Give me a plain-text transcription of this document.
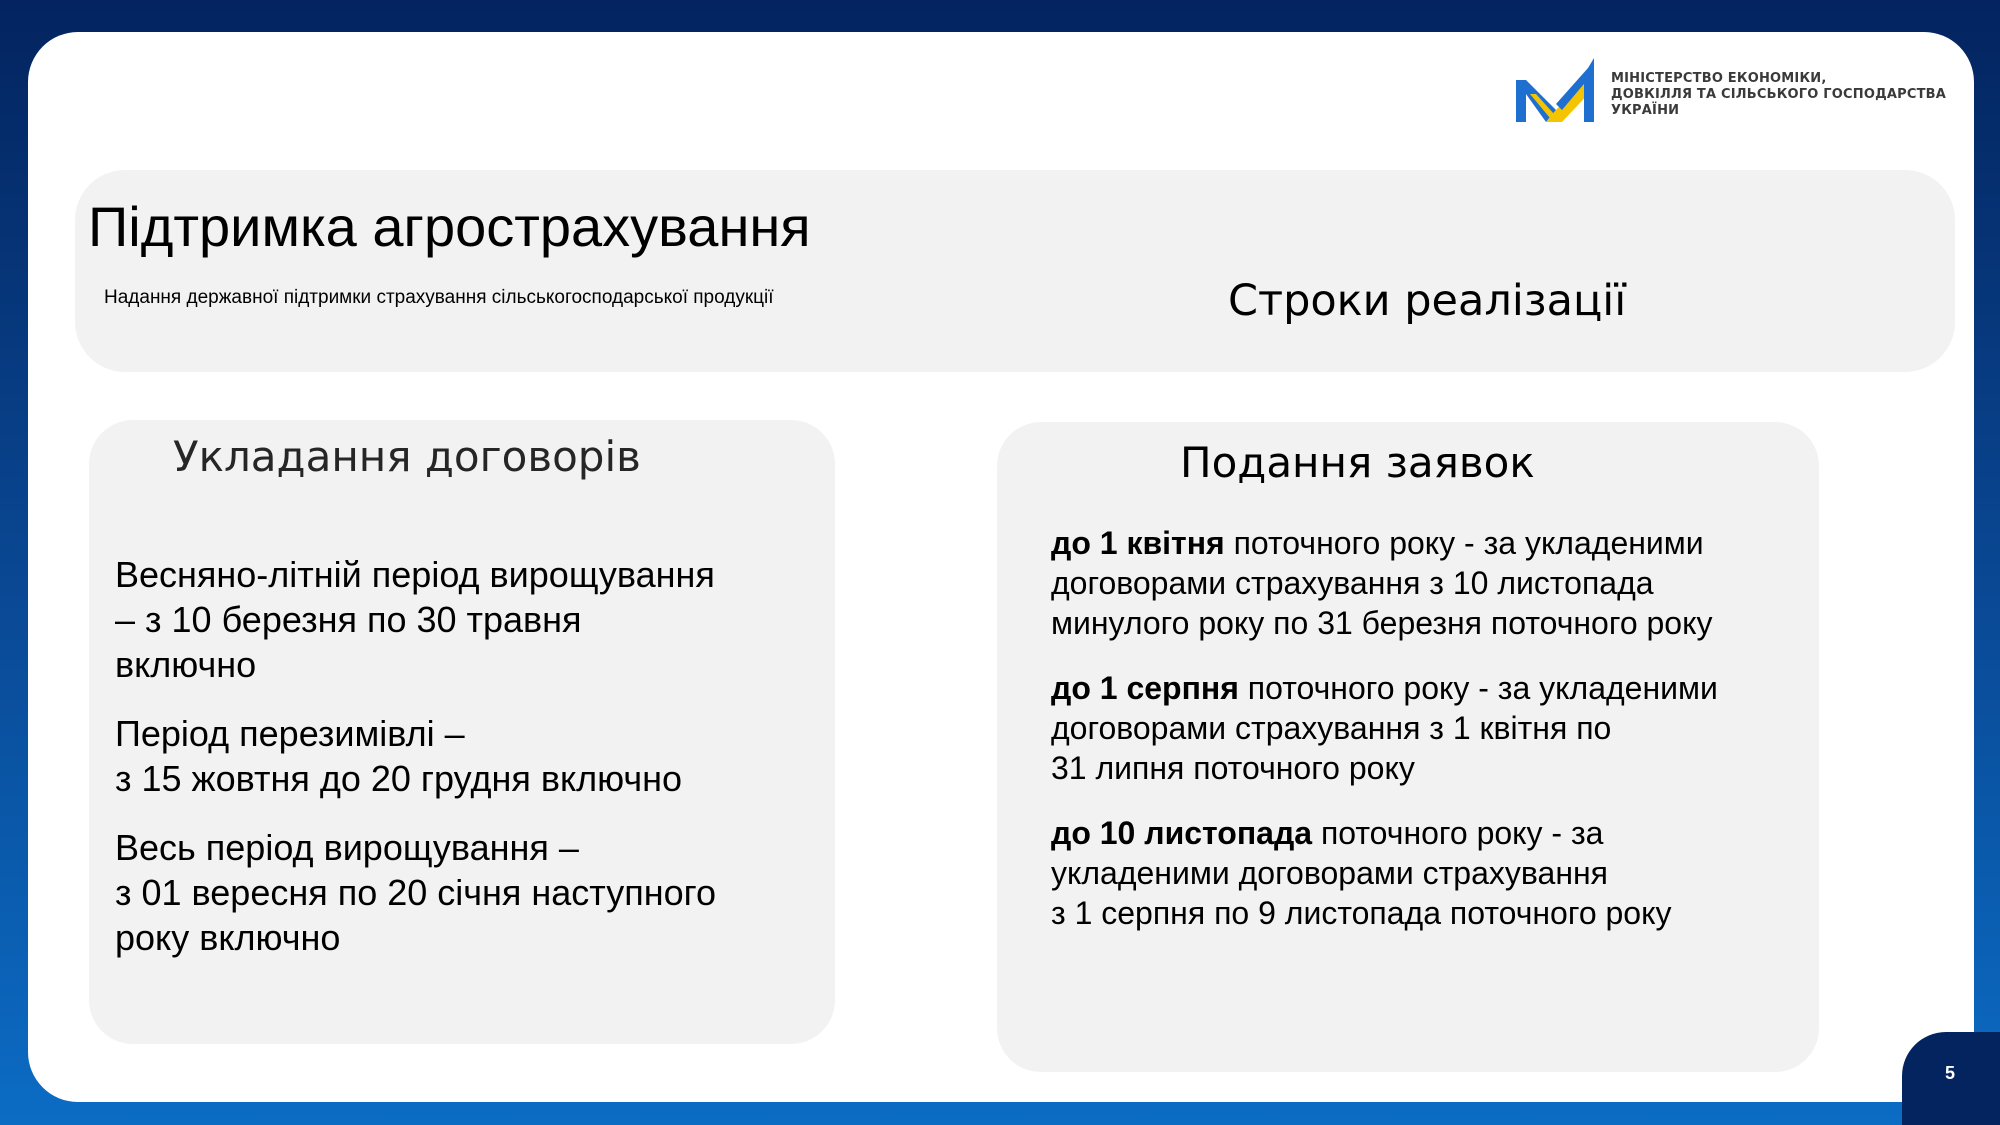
МІНІСТЕРСТВО ЕКОНОМІКИ,
ДОВКІЛЛЯ ТА СІЛЬСЬКОГО ГОСПОДАРСТВА
УКРАЇНИ
Підтримка агрострахування

Надання державної підтримки страхування сільськогосподарської продукції	Строки реалізації
Укладання договорів

Весняно-літній період вирощування
– з 10 березня по 30 травня
включно

Період перезимівлі –
з 15 жовтня до 20 грудня включно

Весь період вирощування –
з 01 вересня по 20 січня наступного
року включно

Подання заявок

до 1 квітня поточного року - за укладеними
договорами страхування з 10 листопада
минулого року по 31 березня поточного року

до 1 серпня поточного року - за укладеними
договорами страхування з 1 квітня по
31 липня поточного року

до 10 листопада поточного року - за
укладеними договорами страхування
з 1 серпня по 9 листопада поточного року

5
